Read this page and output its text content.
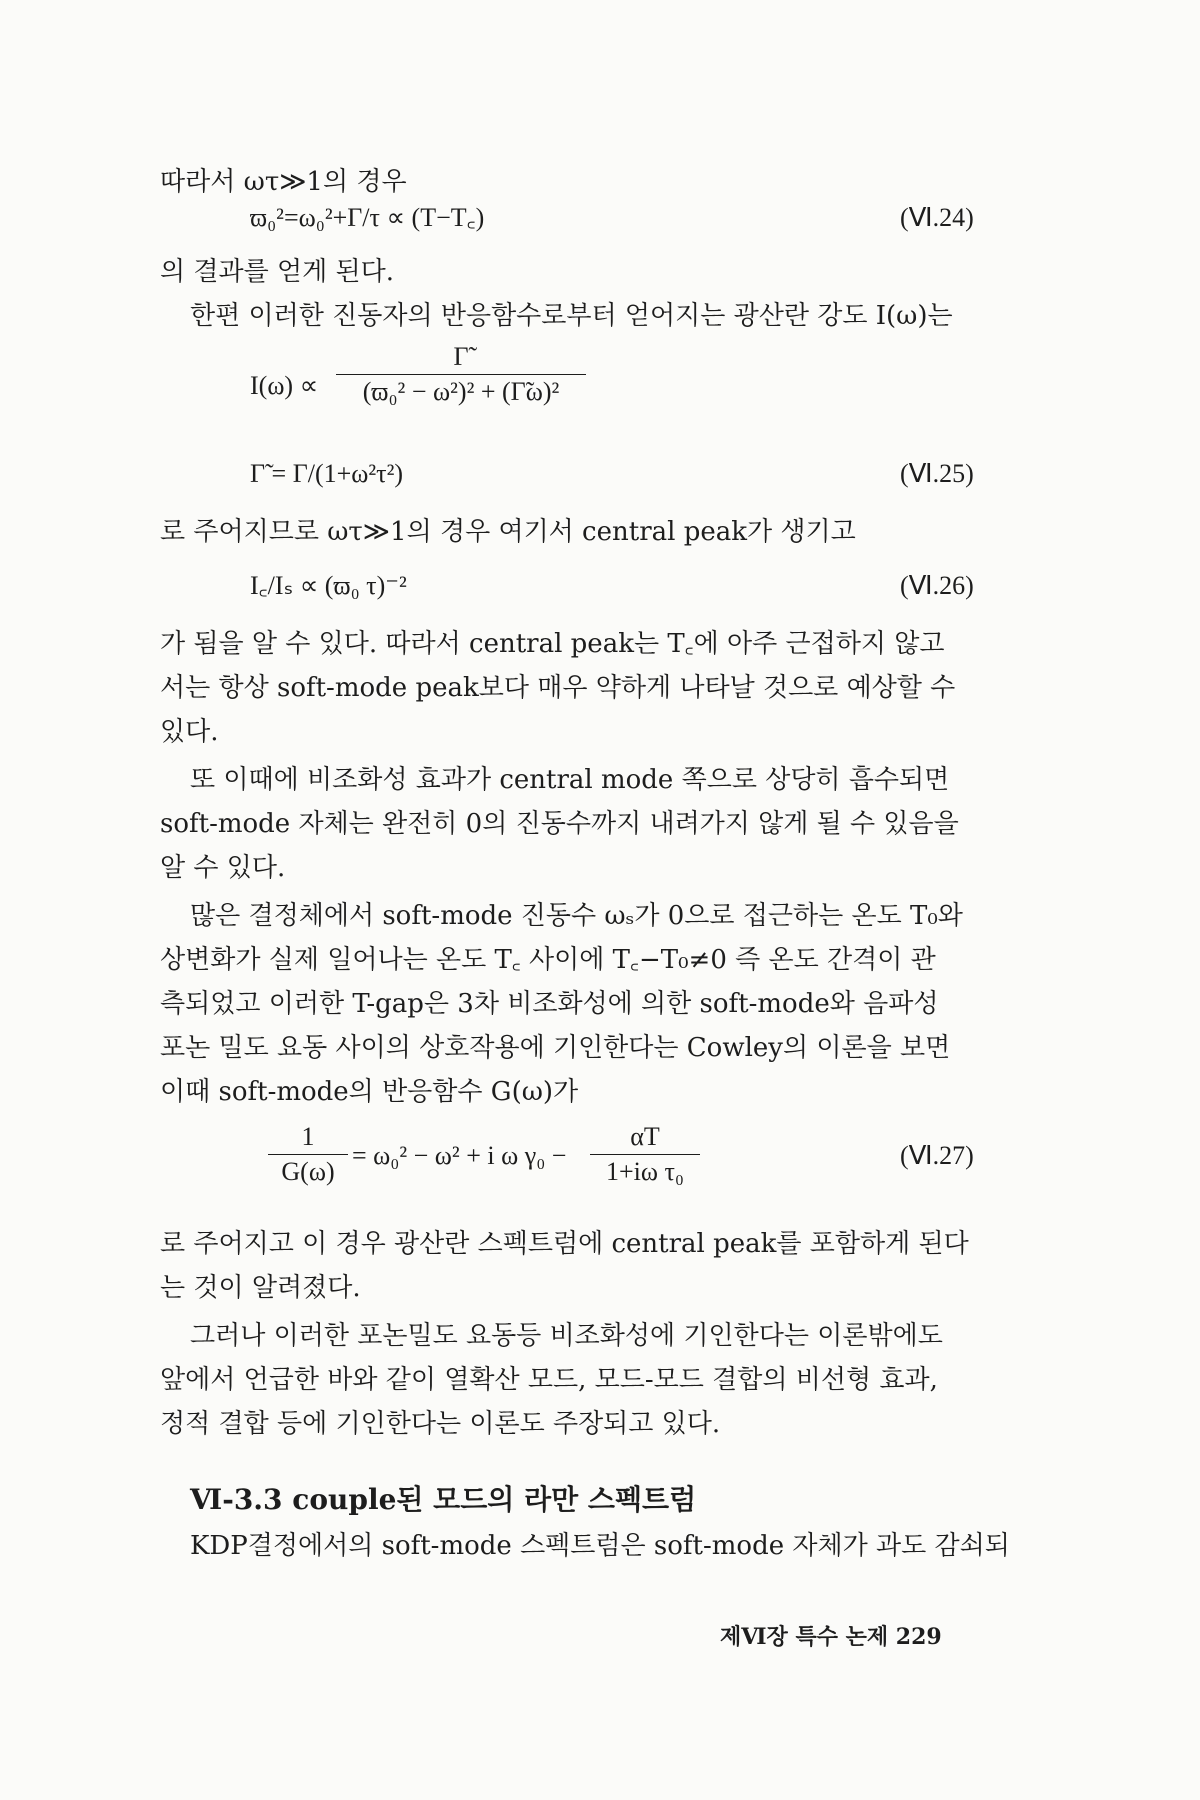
따라서 ωτ≫1의 경우
ϖ₀²=ω₀²+Γ/τ ∝ (T−T꜀)	(Ⅵ.24)
의 결과를 얻게 된다.
한편 이러한 진동자의 반응함수로부터 얻어지는 광산란 강도 I(ω)는
I(ω) ∝
Γ̃
(ϖ₀² − ω²)² + (Γ̃ω)²
Γ̃ = Γ/(1+ω²τ²)	(Ⅵ.25)
로 주어지므로 ωτ≫1의 경우 여기서 central peak가 생기고
I꜀/Iₛ ∝ (ϖ₀ τ)⁻²	(Ⅵ.26)
가 됨을 알 수 있다. 따라서 central peak는 T꜀에 아주 근접하지 않고
서는 항상 soft-mode peak보다 매우 약하게 나타날 것으로 예상할 수
있다.
또 이때에 비조화성 효과가 central mode 쪽으로 상당히 흡수되면
soft-mode 자체는 완전히 0의 진동수까지 내려가지 않게 될 수 있음을
알 수 있다.
많은 결정체에서 soft-mode 진동수 ωₛ가 0으로 접근하는 온도 T₀와
상변화가 실제 일어나는 온도 T꜀ 사이에 T꜀−T₀≠0 즉 온도 간격이 관
측되었고 이러한 T-gap은 3차 비조화성에 의한 soft-mode와 음파성
포논 밀도 요동 사이의 상호작용에 기인한다는 Cowley의 이론을 보면
이때 soft-mode의 반응함수 G(ω)가
1
G(ω)
= ω₀² − ω² + i ω γ₀ −
αT
1+iω τ₀
(Ⅵ.27)
로 주어지고 이 경우 광산란 스펙트럼에 central peak를 포함하게 된다
는 것이 알려졌다.
그러나 이러한 포논밀도 요동등 비조화성에 기인한다는 이론밖에도
앞에서 언급한 바와 같이 열확산 모드, 모드-모드 결합의 비선형 효과,
정적 결합 등에 기인한다는 이론도 주장되고 있다.
Ⅵ-3.3 couple된 모드의 라만 스펙트럼
KDP결정에서의 soft-mode 스펙트럼은 soft-mode 자체가 과도 감쇠되
제Ⅵ장 특수 논제 229
